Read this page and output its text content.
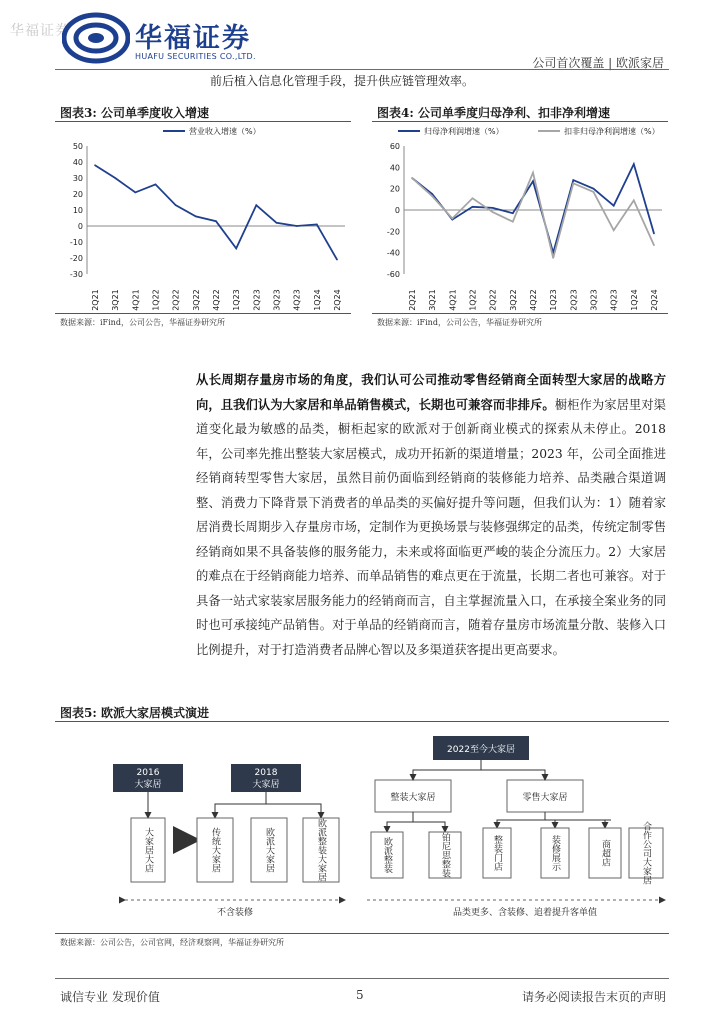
华福证券 华福证券
HUAFU SECURITIES CO.,LTD.	公司首次覆盖 | 欧派家居
前后植入信息化管理手段，提升供应链管理效率。
图表3: 公司单季度收入增速
-30
-20
-10
0
10
20
30
40
50
2Q21 3Q21 4Q21 1Q22 2Q22 3Q22 4Q22 1Q23 2Q23 3Q23 4Q23 1Q24 2Q24
营业收入增速（%）
数据来源：iFind，公司公告，华福证券研究所
图表4: 公司单季度归母净利、扣非净利增速
-60
-40
-20
0
20
40
60
2Q21 3Q21 4Q21 1Q22 2Q22 3Q22 4Q22 1Q23 2Q23 3Q23 4Q23 1Q24 2Q24
归母净利润增速（%）	扣非归母净利润增速（%）
数据来源：iFind，公司公告，华福证券研究所
从长周期存量房市场的角度，我们认可公司推动零售经销商全面转型大家居的战略方向，且我们认为大家居和单品销售模式，长期也可兼容而非排斥。橱柜作为家居里对渠道变化最为敏感的品类，橱柜起家的欧派对于创新商业模式的探索从未停止。2018 年，公司率先推出整装大家居模式，成功开拓新的渠道增量；2023 年，公司全面推进经销商转型零售大家居，虽然目前仍面临到经销商的装修能力培养、品类融合渠道调整、消费力下降背景下消费者的单品类的买偏好提升等问题，但我们认为：1）随着家居消费长周期步入存量房市场，定制作为更换场景与装修强绑定的品类，传统定制零售经销商如果不具备装修的服务能力，未来或将面临更严峻的装企分流压力。2）大家居的难点在于经销商能力培养、而单品销售的难点更在于流量，长期二者也可兼容。对于具备一站式家装家居服务能力的经销商而言，自主掌握流量入口，在承接全案业务的同时也可承接纯产品销售。对于单品的经销商而言，随着存量房市场流量分散、装修入口比例提升，对于打造消费者品牌心智以及多渠道获客提出更高要求。
图表5: 欧派大家居模式演进
2016
大家居
2018
大家居
2022至今大家居
整装大家居	零售大家居
大家居大店	传统大家居	欧派大家居	欧派整装大家居	欧派整装	铂尼思整装	整装门店	装修展示	商超店	合作公司大家居
不含装修	品类更多、含装修、追着提升客单值
数据来源：公司公告，公司官网，经济观察网，华福证券研究所
诚信专业 发现价值	5	请务必阅读报告末页的声明
